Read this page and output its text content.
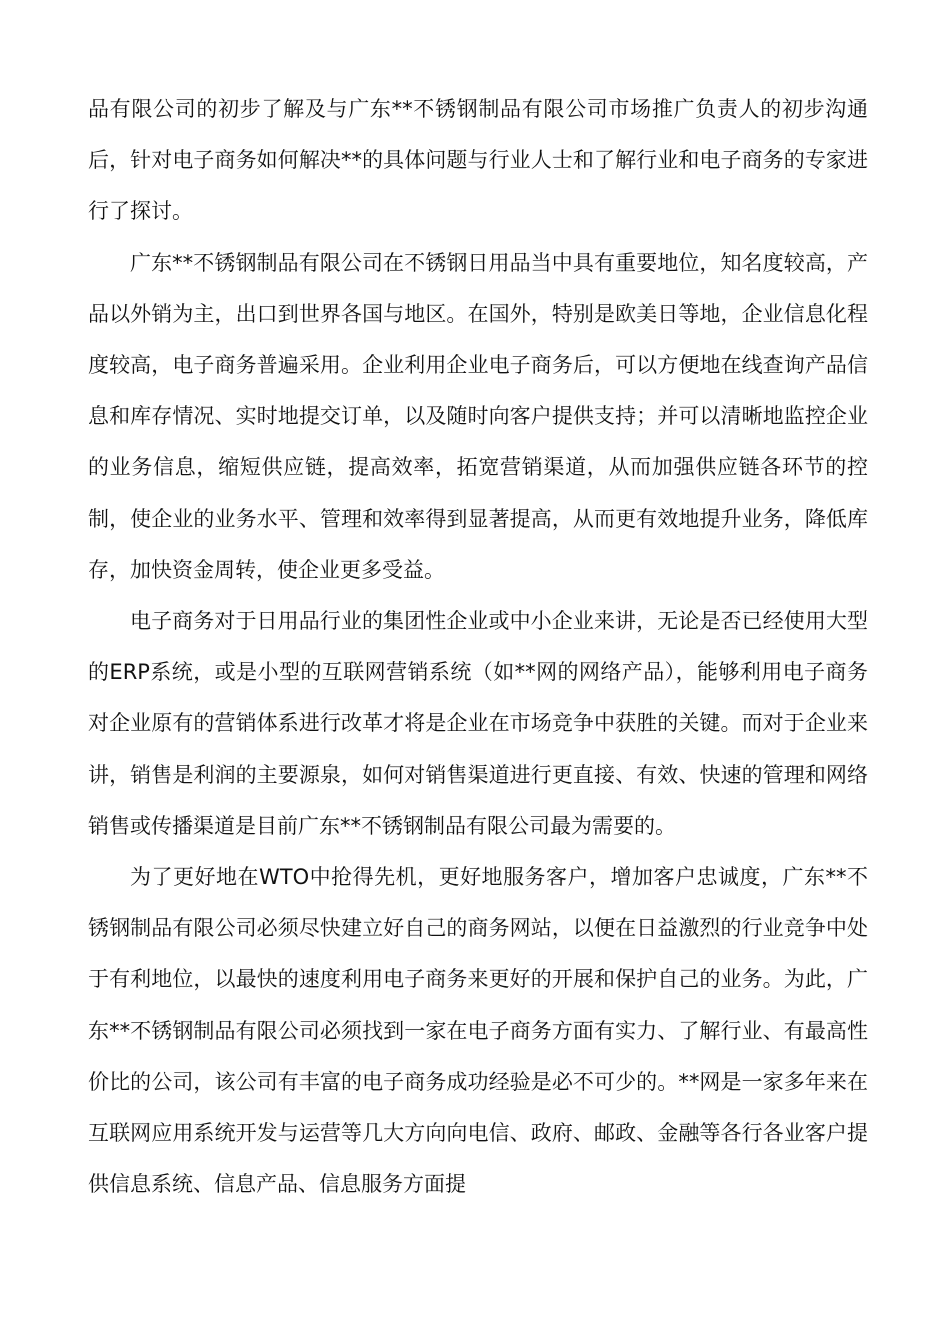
品有限公司的初步了解及与广东**不锈钢制品有限公司市场推广负责人的初步沟通后，针对电子商务如何解决**的具体问题与行业人士和了解行业和电子商务的专家进行了探讨。

广东**不锈钢制品有限公司在不锈钢日用品当中具有重要地位，知名度较高，产品以外销为主，出口到世界各国与地区。在国外，特别是欧美日等地，企业信息化程度较高，电子商务普遍采用。企业利用企业电子商务后，可以方便地在线查询产品信息和库存情况、实时地提交订单，以及随时向客户提供支持；并可以清晰地监控企业的业务信息，缩短供应链，提高效率，拓宽营销渠道，从而加强供应链各环节的控制，使企业的业务水平、管理和效率得到显著提高，从而更有效地提升业务，降低库存，加快资金周转，使企业更多受益。

电子商务对于日用品行业的集团性企业或中小企业来讲，无论是否已经使用大型的ERP系统，或是小型的互联网营销系统（如**网的网络产品），能够利用电子商务对企业原有的营销体系进行改革才将是企业在市场竞争中获胜的关键。而对于企业来讲，销售是利润的主要源泉，如何对销售渠道进行更直接、有效、快速的管理和网络销售或传播渠道是目前广东**不锈钢制品有限公司最为需要的。

为了更好地在WTO中抢得先机，更好地服务客户，增加客户忠诚度，广东**不锈钢制品有限公司必须尽快建立好自己的商务网站，以便在日益激烈的行业竞争中处于有利地位，以最快的速度利用电子商务来更好的开展和保护自己的业务。为此，广东**不锈钢制品有限公司必须找到一家在电子商务方面有实力、了解行业、有最高性价比的公司，该公司有丰富的电子商务成功经验是必不可少的。**网是一家多年来在互联网应用系统开发与运营等几大方向向电信、政府、邮政、金融等各行各业客户提供信息系统、信息产品、信息服务方面提
